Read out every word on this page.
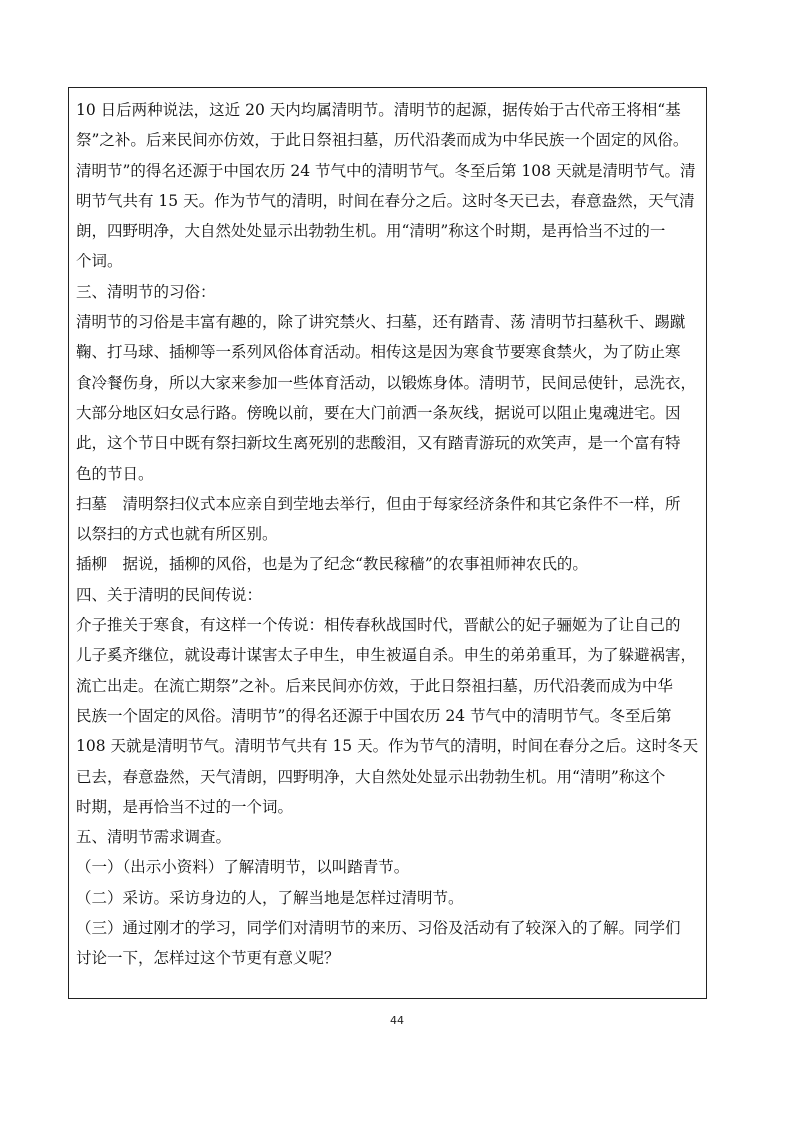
10 日后两种说法，这近 20 天内均属清明节。清明节的起源，据传始于古代帝王将相“基
祭”之补。后来民间亦仿效，于此日祭祖扫墓，历代沿袭而成为中华民族一个固定的风俗。
清明节”的得名还源于中国农历 24 节气中的清明节气。冬至后第 108 天就是清明节气。清
明节气共有 15 天。作为节气的清明，时间在春分之后。这时冬天已去，春意盎然，天气清
朗，四野明净，大自然处处显示出勃勃生机。用“清明”称这个时期，是再恰当不过的一
个词。
三、清明节的习俗：
清明节的习俗是丰富有趣的，除了讲究禁火、扫墓，还有踏青、荡 清明节扫墓秋千、踢蹴
鞠、打马球、插柳等一系列风俗体育活动。相传这是因为寒食节要寒食禁火，为了防止寒
食冷餐伤身，所以大家来参加一些体育活动，以锻炼身体。清明节，民间忌使针，忌洗衣，
大部分地区妇女忌行路。傍晚以前，要在大门前洒一条灰线，据说可以阻止鬼魂进宅。因
此，这个节日中既有祭扫新坟生离死别的悲酸泪，又有踏青游玩的欢笑声，是一个富有特
色的节日。
扫墓　清明祭扫仪式本应亲自到茔地去举行，但由于每家经济条件和其它条件不一样，所
以祭扫的方式也就有所区别。
插柳　据说，插柳的风俗，也是为了纪念“教民稼穑”的农事祖师神农氏的。
四、关于清明的民间传说：
介子推关于寒食，有这样一个传说：相传春秋战国时代，晋献公的妃子骊姬为了让自己的
儿子奚齐继位，就设毒计谋害太子申生，申生被逼自杀。申生的弟弟重耳，为了躲避祸害，
流亡出走。在流亡期祭”之补。后来民间亦仿效，于此日祭祖扫墓，历代沿袭而成为中华
民族一个固定的风俗。清明节”的得名还源于中国农历 24 节气中的清明节气。冬至后第
108 天就是清明节气。清明节气共有 15 天。作为节气的清明，时间在春分之后。这时冬天
已去，春意盎然，天气清朗，四野明净，大自然处处显示出勃勃生机。用“清明”称这个
时期，是再恰当不过的一个词。
五、清明节需求调查。
（一）（出示小资料）了解清明节，以叫踏青节。
（二）采访。采访身边的人，了解当地是怎样过清明节。
（三）通过刚才的学习，同学们对清明节的来历、习俗及活动有了较深入的了解。同学们
讨论一下，怎样过这个节更有意义呢？
44
